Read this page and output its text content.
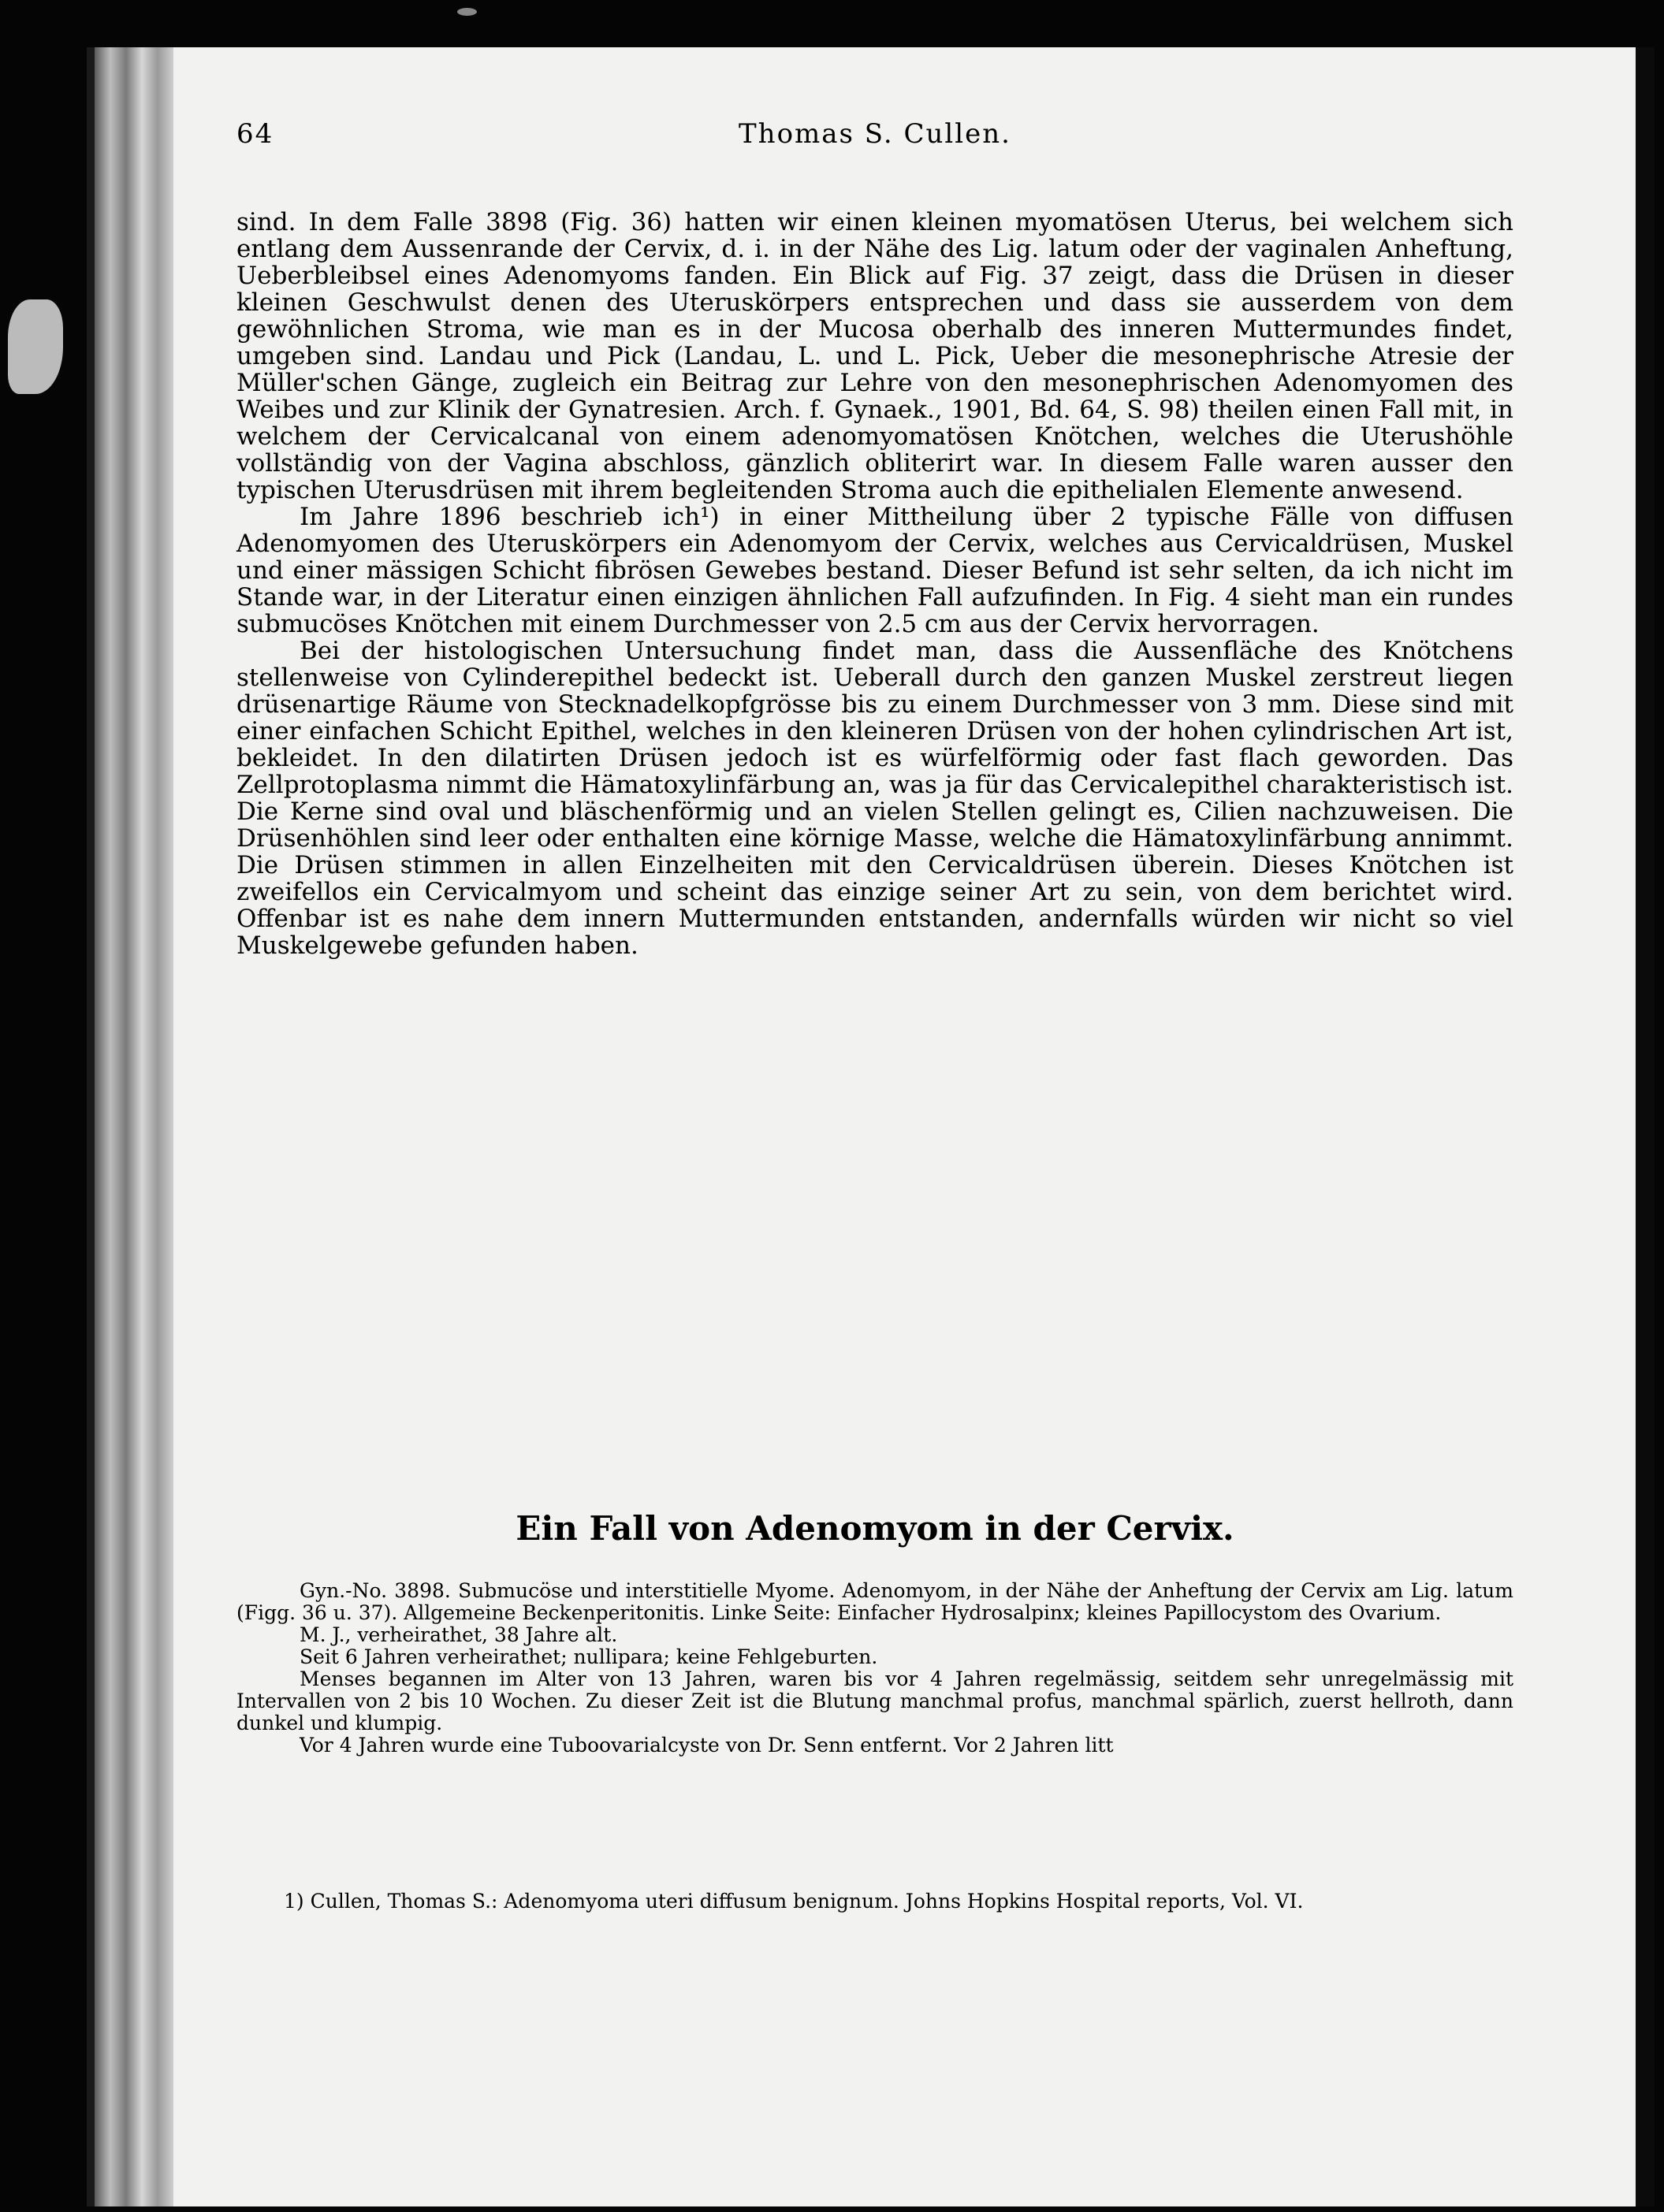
64	Thomas S. Cullen.

sind. In dem Falle 3898 (Fig. 36) hatten wir einen kleinen myomatösen Uterus, bei welchem sich entlang dem Aussenrande der Cervix, d. i. in der Nähe des Lig. latum oder der vaginalen Anheftung, Ueberbleibsel eines Adenomyoms fanden. Ein Blick auf Fig. 37 zeigt, dass die Drüsen in dieser kleinen Geschwulst denen des Uteruskörpers entsprechen und dass sie ausserdem von dem gewöhnlichen Stroma, wie man es in der Mucosa oberhalb des inneren Muttermundes findet, umgeben sind. Landau und Pick (Landau, L. und L. Pick, Ueber die mesonephrische Atresie der Müller'schen Gänge, zugleich ein Beitrag zur Lehre von den mesonephrischen Adenomyomen des Weibes und zur Klinik der Gynatresien. Arch. f. Gynaek., 1901, Bd. 64, S. 98) theilen einen Fall mit, in welchem der Cervicalcanal von einem adenomyomatösen Knötchen, welches die Uterushöhle vollständig von der Vagina abschloss, gänzlich obliterirt war. In diesem Falle waren ausser den typischen Uterusdrüsen mit ihrem begleitenden Stroma auch die epithelialen Elemente anwesend.

Im Jahre 1896 beschrieb ich¹) in einer Mittheilung über 2 typische Fälle von diffusen Adenomyomen des Uteruskörpers ein Adenomyom der Cervix, welches aus Cervicaldrüsen, Muskel und einer mässigen Schicht fibrösen Gewebes bestand. Dieser Befund ist sehr selten, da ich nicht im Stande war, in der Literatur einen einzigen ähnlichen Fall aufzufinden. In Fig. 4 sieht man ein rundes submucöses Knötchen mit einem Durchmesser von 2.5 cm aus der Cervix hervorragen.

Bei der histologischen Untersuchung findet man, dass die Aussenfläche des Knötchens stellenweise von Cylinderepithel bedeckt ist. Ueberall durch den ganzen Muskel zerstreut liegen drüsenartige Räume von Stecknadelkopfgrösse bis zu einem Durchmesser von 3 mm. Diese sind mit einer einfachen Schicht Epithel, welches in den kleineren Drüsen von der hohen cylindrischen Art ist, bekleidet. In den dilatirten Drüsen jedoch ist es würfelförmig oder fast flach geworden. Das Zellprotoplasma nimmt die Hämatoxylinfärbung an, was ja für das Cervicalepithel charakteristisch ist. Die Kerne sind oval und bläschenförmig und an vielen Stellen gelingt es, Cilien nachzuweisen. Die Drüsenhöhlen sind leer oder enthalten eine körnige Masse, welche die Hämatoxylinfärbung annimmt. Die Drüsen stimmen in allen Einzelheiten mit den Cervicaldrüsen überein. Dieses Knötchen ist zweifellos ein Cervicalmyom und scheint das einzige seiner Art zu sein, von dem berichtet wird. Offenbar ist es nahe dem innern Muttermunden entstanden, andernfalls würden wir nicht so viel Muskelgewebe gefunden haben.

Ein Fall von Adenomyom in der Cervix.

Gyn.-No. 3898. Submucöse und interstitielle Myome. Adenomyom, in der Nähe der Anheftung der Cervix am Lig. latum (Figg. 36 u. 37). Allgemeine Beckenperitonitis. Linke Seite: Einfacher Hydrosalpinx; kleines Papillocystom des Ovarium.

M. J., verheirathet, 38 Jahre alt.

Seit 6 Jahren verheirathet; nullipara; keine Fehlgeburten.

Menses begannen im Alter von 13 Jahren, waren bis vor 4 Jahren regelmässig, seitdem sehr unregelmässig mit Intervallen von 2 bis 10 Wochen. Zu dieser Zeit ist die Blutung manchmal profus, manchmal spärlich, zuerst hellroth, dann dunkel und klumpig.

Vor 4 Jahren wurde eine Tuboovarialcyste von Dr. Senn entfernt. Vor 2 Jahren litt

1) Cullen, Thomas S.: Adenomyoma uteri diffusum benignum. Johns Hopkins Hospital reports, Vol. VI.
